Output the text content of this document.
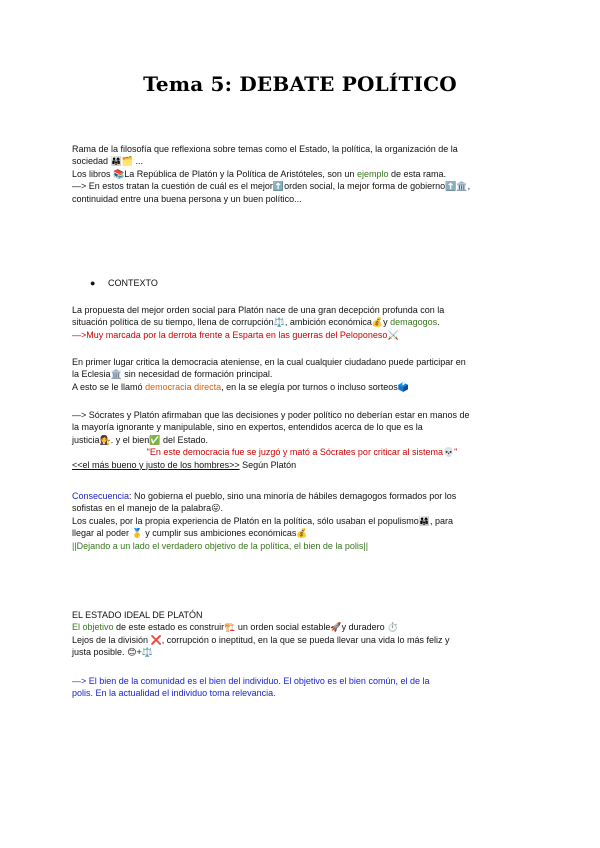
Tema 5: DEBATE POLÍTICO

Rama de la filosofía que reflexiona sobre temas como el Estado, la política, la organización de la

sociedad 👨‍👩‍👧🗂️ ...

Los libros 📚La República de Platón y la Política de Aristóteles, son un ejemplo de esta rama.

—> En estos tratan la cuestión de cuál es el mejor⬆️orden social, la mejor forma de gobierno⬆️🏛️,

continuidad entre una buena persona y un buen político...

● CONTEXTO

La propuesta del mejor orden social para Platón nace de una gran decepción profunda con la

situación política de su tiempo, llena de corrupción⚖️, ambición económica💰y demagogos.

—>Muy marcada por la derrota frente a Esparta en las guerras del Peloponeso⚔️

En primer lugar critica la democracia ateniense, en la cual cualquier ciudadano puede participar en

la Eclesia🏛️ sin necesidad de formación principal.

A esto se le llamó democracia directa, en la se elegía por turnos o incluso sorteos🗳️

—> Sócrates y Platón afirmaban que las decisiones y poder político no deberían estar en manos de

la mayoría ignorante y manipulable, sino en expertos, entendidos acerca de lo que es la

justicia👩‍⚖️. y el bien✅ del Estado.

"En este democracia fue se juzgó y mató a Sócrates por criticar al sistema💀"

<<el más bueno y justo de los hombres>> Según Platón

Consecuencia: No gobierna el pueblo, sino una minoría de hábiles demagogos formados por los

sofistas en el manejo de la palabra😛.

Los cuales, por la propia experiencia de Platón en la política, sólo usaban el populismo👨‍👩‍👧, para

llegar al poder 🥇 y cumplir sus ambiciones económicas💰

||Dejando a un lado el verdadero objetivo de la política, el bien de la polis||

EL ESTADO IDEAL DE PLATÓN

El objetivo de este estado es construir🏗️ un orden social estable🚀y duradero ⏱️

Lejos de la división ❌, corrupción o ineptitud, en la que se pueda llevar una vida lo más feliz y

justa posible. 😊+⚖️

—> El bien de la comunidad es el bien del individuo. El objetivo es el bien común, el de la

polis. En la actualidad el individuo toma relevancia.
